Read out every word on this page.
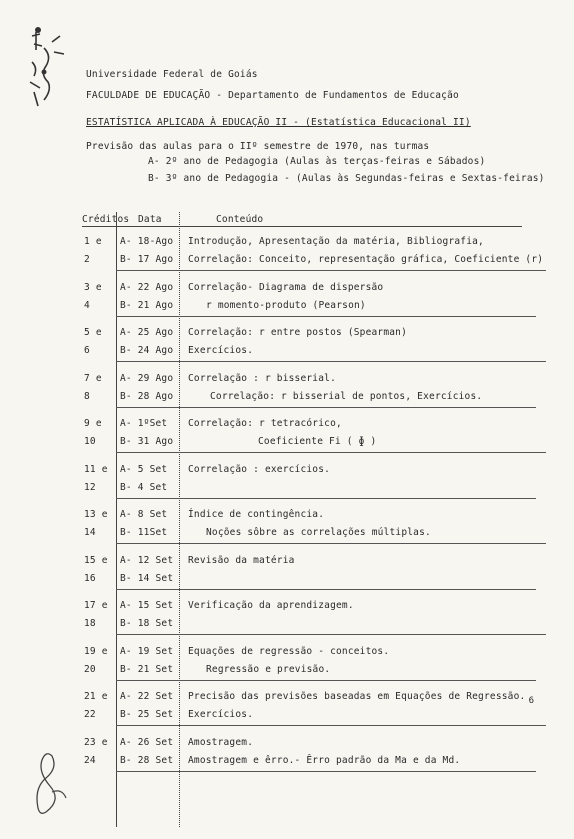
Universidade Federal de Goiás
FACULDADE DE EDUCAÇÃO - Departamento de Fundamentos de Educação
ESTATÍSTICA APLICADA À EDUCAÇÃO II - (Estatística Educacional II)
Previsão das aulas para o IIº semestre de 1970, nas turmas
A- 2º ano de Pedagogia (Aulas às terças-feiras e Sábados)
B- 3º ano de Pedagogia - (Aulas às Segundas-feiras e Sextas-feiras)
Créditos Data	Conteúdo
1 e
2
A- 18-Ago
B- 17 Ago
Introdução, Apresentação da matéria, Bibliografia,
Correlação: Conceito, representação gráfica, Coeficiente (r)
3 e
4
A- 22 Ago
B- 21 Ago
Correlação- Diagrama de dispersão
r momento-produto (Pearson)
5 e
6
A- 25 Ago
B- 24 Ago
Correlação: r entre postos (Spearman)
Exercícios.
7 e
8
A- 29 Ago
B- 28 Ago
Correlação : r bisserial.
Correlação: r bisserial de pontos, Exercícios.
9 e
10
A- 1ºSet
B- 31 Ago
Correlação: r tetracórico,
Coeficiente Fi ( ɸ )
11 e
12
A- 5 Set
B- 4 Set
Correlação : exercícios.
13 e
14
A- 8 Set
B- 11Set
Índice de contingência.
Noções sôbre as correlações múltiplas.
15 e
16
A- 12 Set
B- 14 Set
Revisão da matéria
17 e
18
A- 15 Set
B- 18 Set
Verificação da aprendizagem.
19 e
20
A- 19 Set
B- 21 Set
Equações de regressão - conceitos.
Regressão e previsão.
21 e
22
A- 22 Set
B- 25 Set
Precisão das previsões baseadas em Equações de Regressão.
Exercícios.
23 e
24
A- 26 Set
B- 28 Set
Amostragem.
Amostragem e êrro.- Êrro padrão da Ma e da Md.
6
